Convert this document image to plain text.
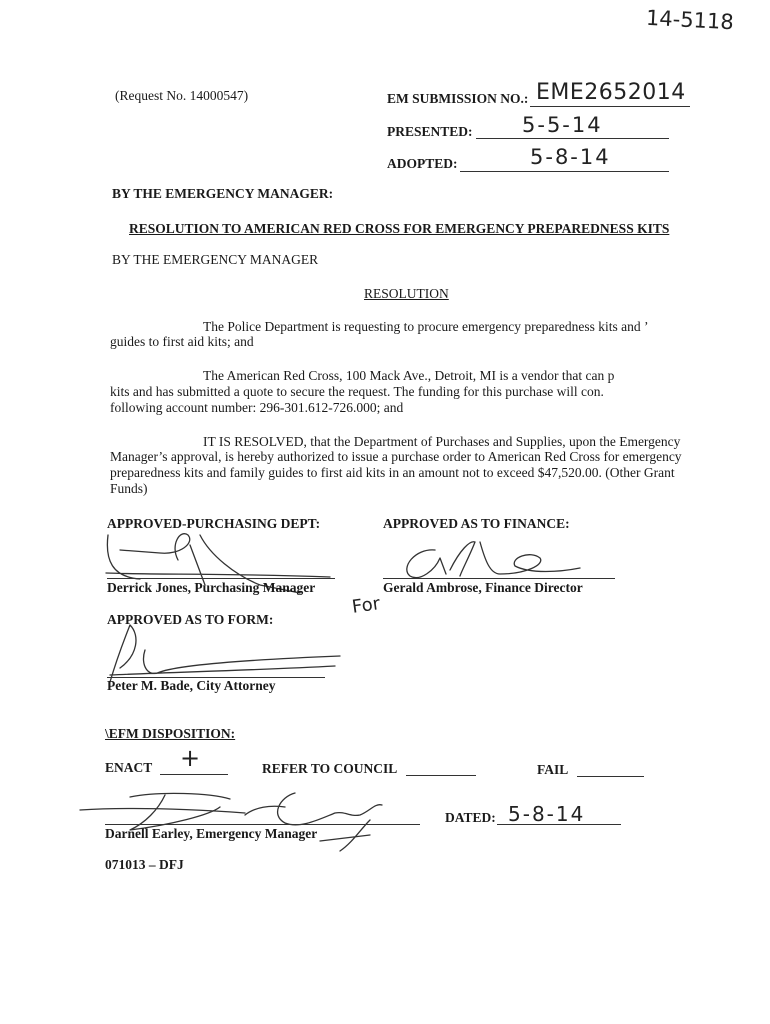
14-5118
(Request No. 14000547)	EM SUBMISSION NO.: EME2652014
PRESENTED: 5-5-14
ADOPTED:	5-8-14
BY THE EMERGENCY MANAGER:
RESOLUTION TO AMERICAN RED CROSS FOR EMERGENCY PREPAREDNESS KITS
BY THE EMERGENCY MANAGER
RESOLUTION
The Police Department is requesting to procure emergency preparedness kits and ’
guides to first aid kits; and
The American Red Cross, 100 Mack Ave., Detroit, MI is a vendor that can p
kits and has submitted a quote to secure the request. The funding for this purchase will con.
following account number: 296-301.612-726.000; and
IT IS RESOLVED, that the Department of Purchases and Supplies, upon the Emergency
Manager’s approval, is hereby authorized to issue a purchase order to American Red Cross for emergency
preparedness kits and family guides to first aid kits in an amount not to exceed $47,520.00. (Other Grant
Funds)
APPROVED-PURCHASING DEPT:
Derrick Jones, Purchasing Manager
APPROVED AS TO FINANCE:
Gerald Ambrose, Finance Director
For
APPROVED AS TO FORM:
Peter M. Bade, City Attorney
\EFM DISPOSITION:
ENACT +	REFER TO COUNCIL	FAIL
Darnell Earley, Emergency Manager
DATED: 5-8-14
071013 – DFJ
